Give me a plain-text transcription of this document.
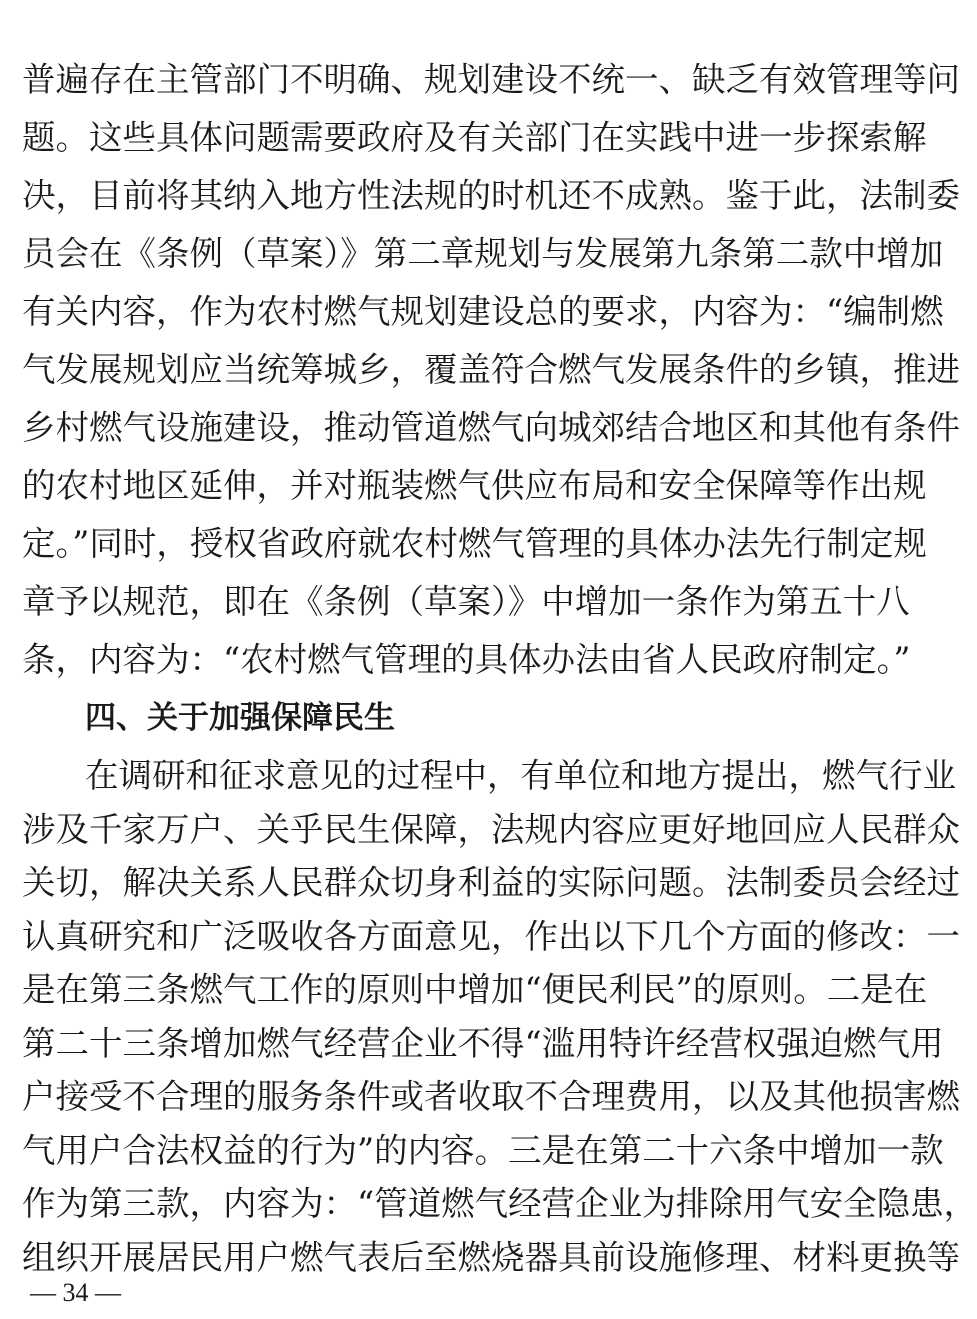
普遍存在主管部门不明确、规划建设不统一、缺乏有效管理等问
题。这些具体问题需要政府及有关部门在实践中进一步探索解
决，目前将其纳入地方性法规的时机还不成熟。鉴于此，法制委
员会在《条例（草案）》第二章规划与发展第九条第二款中增加
有关内容，作为农村燃气规划建设总的要求，内容为：“编制燃
气发展规划应当统筹城乡，覆盖符合燃气发展条件的乡镇，推进
乡村燃气设施建设，推动管道燃气向城郊结合地区和其他有条件
的农村地区延伸，并对瓶装燃气供应布局和安全保障等作出规
定。”同时，授权省政府就农村燃气管理的具体办法先行制定规
章予以规范，即在《条例（草案）》中增加一条作为第五十八
条，内容为：“农村燃气管理的具体办法由省人民政府制定。”
四、关于加强保障民生
在调研和征求意见的过程中，有单位和地方提出，燃气行业
涉及千家万户、关乎民生保障，法规内容应更好地回应人民群众
关切，解决关系人民群众切身利益的实际问题。法制委员会经过
认真研究和广泛吸收各方面意见，作出以下几个方面的修改：一
是在第三条燃气工作的原则中增加“便民利民”的原则。二是在
第二十三条增加燃气经营企业不得“滥用特许经营权强迫燃气用
户接受不合理的服务条件或者收取不合理费用，以及其他损害燃
气用户合法权益的行为”的内容。三是在第二十六条中增加一款
作为第三款，内容为：“管道燃气经营企业为排除用气安全隐患，
— 34 —
组织开展居民用户燃气表后至燃烧器具前设施修理、材料更换等
